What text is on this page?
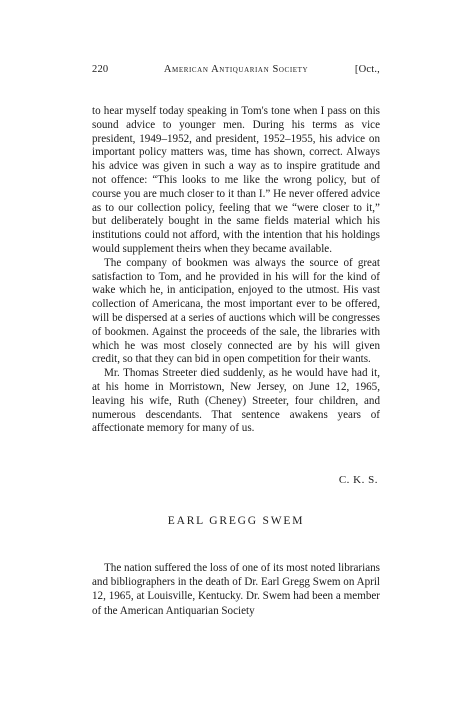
220	American Antiquarian Society	[Oct.,

to hear myself today speaking in Tom's tone when I pass on this sound advice to younger men. During his terms as vice president, 1949–1952, and president, 1952–1955, his advice on important policy matters was, time has shown, correct. Always his advice was given in such a way as to inspire gratitude and not offence: “This looks to me like the wrong policy, but of course you are much closer to it than I.” He never offered advice as to our collection policy, feeling that we “were closer to it,” but deliberately bought in the same fields material which his institutions could not afford, with the intention that his holdings would supplement theirs when they became available.

The company of bookmen was always the source of great satisfaction to Tom, and he provided in his will for the kind of wake which he, in anticipation, enjoyed to the utmost. His vast collection of Americana, the most important ever to be offered, will be dispersed at a series of auctions which will be congresses of bookmen. Against the proceeds of the sale, the libraries with which he was most closely connected are by his will given credit, so that they can bid in open competition for their wants.

Mr. Thomas Streeter died suddenly, as he would have had it, at his home in Morristown, New Jersey, on June 12, 1965, leaving his wife, Ruth (Cheney) Streeter, four children, and numerous descendants. That sentence awakens years of affectionate memory for many of us.

C. K. S.
EARL GREGG SWEM

The nation suffered the loss of one of its most noted librarians and bibliographers in the death of Dr. Earl Gregg Swem on April 12, 1965, at Louisville, Kentucky. Dr. Swem had been a member of the American Antiquarian Society
